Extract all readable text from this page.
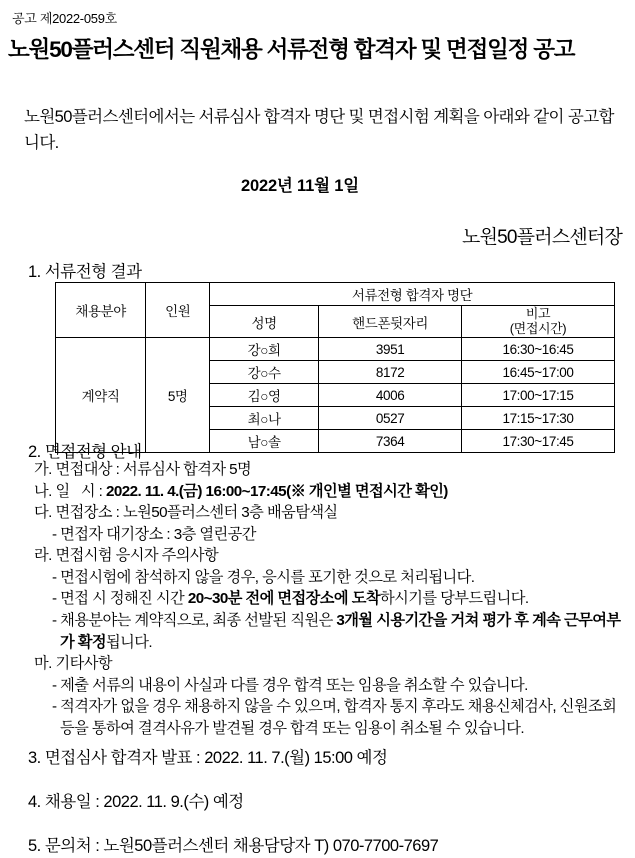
공고 제2022-059호
노원50플러스센터 직원채용 서류전형 합격자 및 면접일정 공고
노원50플러스센터에서는 서류심사 합격자 명단 및 면접시험 계획을 아래와 같이 공고합니다.
2022년 11월 1일
노원50플러스센터장
1. 서류전형 결과
채용분야	인원	서류전형 합격자 명단		
		성명	핸드폰뒷자리	비고
(면접시간)

계약직	5명	강○희	3951	16:30~16:45
		강○수	8172	16:45~17:00
		김○영	4006	17:00~17:15
		최○나	0527	17:15~17:30
		남○솔	7364	17:30~17:45
2. 면접전형 안내
가. 면접대상 : 서류심사 합격자 5명
나. 일 시 : 2022. 11. 4.(금) 16:00~17:45(※ 개인별 면접시간 확인)
다. 면접장소 : 노원50플러스센터 3층 배움탐색실
- 면접자 대기장소 : 3층 열린공간
라. 면접시험 응시자 주의사항
- 면접시험에 참석하지 않을 경우, 응시를 포기한 것으로 처리됩니다.
- 면접 시 정해진 시간 20~30분 전에 면접장소에 도착하시기를 당부드립니다.
- 채용분야는 계약직으로, 최종 선발된 직원은 3개월 시용기간을 거쳐 평가 후 계속 근무여부가 확정됩니다.
마. 기타사항
- 제출 서류의 내용이 사실과 다를 경우 합격 또는 임용을 취소할 수 있습니다.
- 적격자가 없을 경우 채용하지 않을 수 있으며, 합격자 통지 후라도 채용신체검사, 신원조회 등을 통하여 결격사유가 발견될 경우 합격 또는 임용이 취소될 수 있습니다.
3. 면접심사 합격자 발표 : 2022. 11. 7.(월) 15:00 예정
4. 채용일 : 2022. 11. 9.(수) 예정
5. 문의처 : 노원50플러스센터 채용담당자 T) 070-7700-7697
